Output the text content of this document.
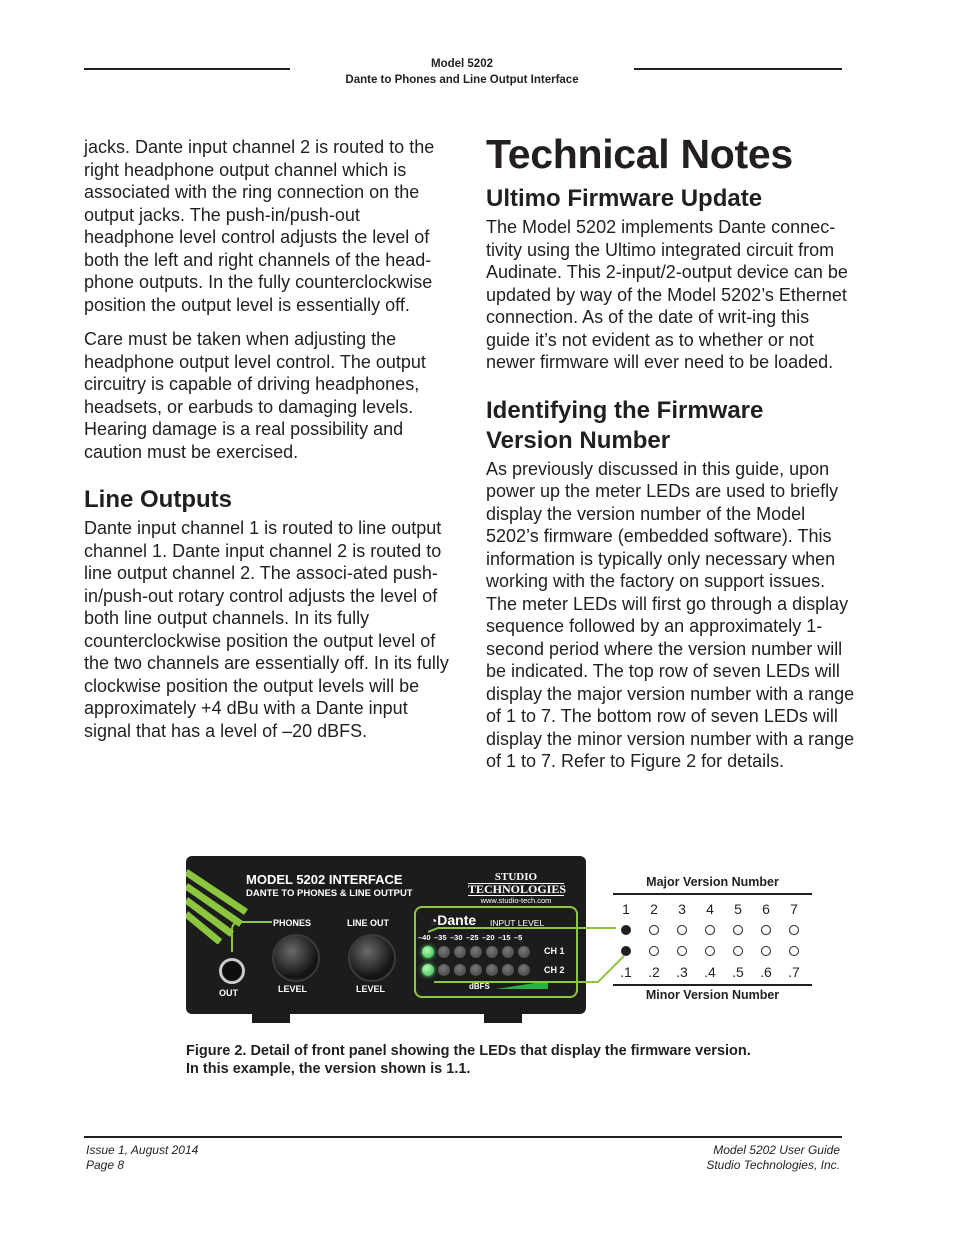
Model 5202
Dante to Phones and Line Output Interface

jacks. Dante input channel 2 is routed to the right headphone output channel which is associated with the ring connection on the output jacks. The push-in/push-out headphone level control adjusts the level of both the left and right channels of the head-phone outputs. In the fully counterclockwise position the output level is essentially off.

Care must be taken when adjusting the headphone output level control. The output circuitry is capable of driving headphones, headsets, or earbuds to damaging levels. Hearing damage is a real possibility and caution must be exercised.

Line Outputs

Dante input channel 1 is routed to line output channel 1. Dante input channel 2 is routed to line output channel 2. The associ-ated push-in/push-out rotary control adjusts the level of both line output channels. In its fully counterclockwise position the output level of the two channels are essentially off. In its fully clockwise position the output levels will be approximately +4 dBu with a Dante input signal that has a level of –20 dBFS.

Technical Notes
Ultimo Firmware Update

The Model 5202 implements Dante connec-tivity using the Ultimo integrated circuit from Audinate. This 2-input/2-output device can be updated by way of the Model 5202’s Ethernet connection. As of the date of writ-ing this guide it’s not evident as to whether or not newer firmware will ever need to be loaded.

Identifying the Firmware Version Number

As previously discussed in this guide, upon power up the meter LEDs are used to briefly display the version number of the Model 5202’s firmware (embedded software). This information is typically only necessary when working with the factory on support issues. The meter LEDs will first go through a display sequence followed by an approximately 1-second period where the version number will be indicated. The top row of seven LEDs will display the major version number with a range of 1 to 7. The bottom row of seven LEDs will display the minor version number with a range of 1 to 7. Refer to Figure 2 for details.

MODEL 5202 INTERFACE
DANTE TO PHONES & LINE OUTPUT
STUDIO
TECHNOLOGIES
www.studio-tech.com
PHONES	LINE OUT
LEVEL	LEVEL
OUT
◔Dante INPUT LEVEL
CH 1
CH 2
dBFS
–40 –35 –30 –25 –20 –15 –5
Major Version Number
Minor Version Number
Figure 2. Detail of front panel showing the LEDs that display the firmware version.
In this example, the version shown is 1.1.
Issue 1, August 2014
Page 8
Model 5202 User Guide
Studio Technologies, Inc.
1	2	3	4	5	6	7
.1	.2	.3	.4	.5	.6	.7
